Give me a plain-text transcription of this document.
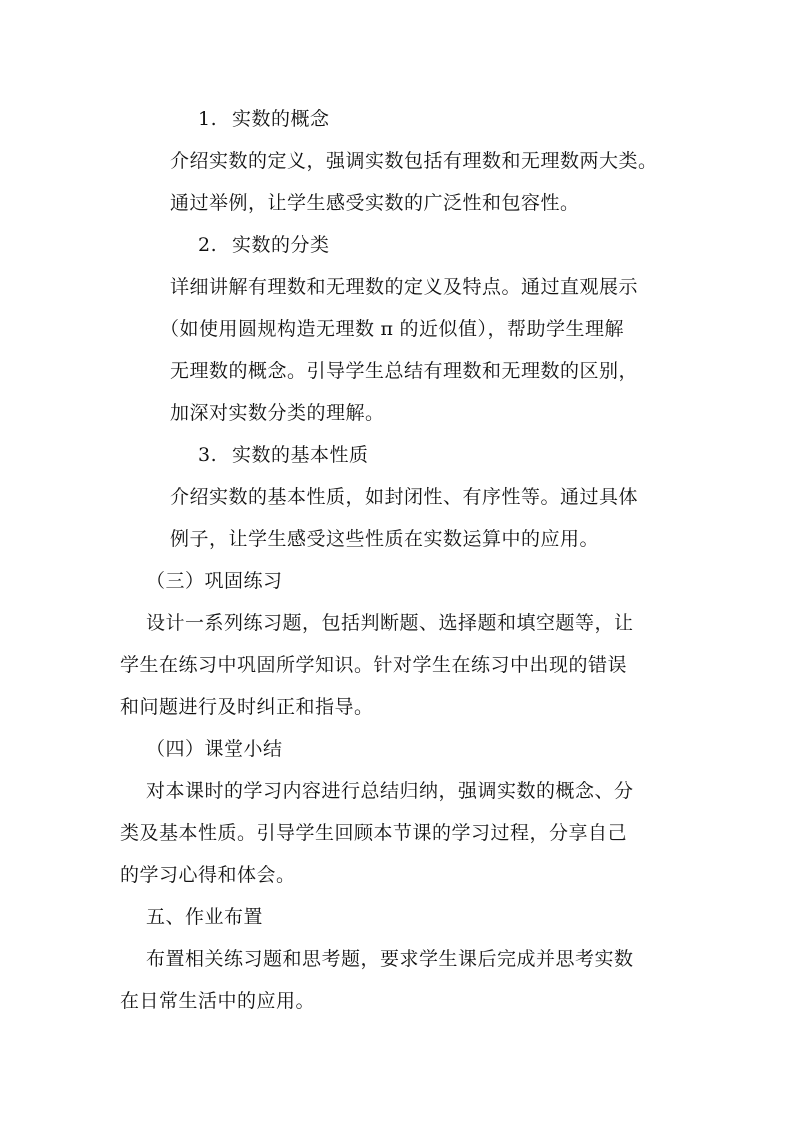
1. 实数的概念
介绍实数的定义，强调实数包括有理数和无理数两大类。
通过举例，让学生感受实数的广泛性和包容性。
2. 实数的分类
详细讲解有理数和无理数的定义及特点。通过直观展示
（如使用圆规构造无理数 π 的近似值），帮助学生理解
无理数的概念。引导学生总结有理数和无理数的区别，
加深对实数分类的理解。
3. 实数的基本性质
介绍实数的基本性质，如封闭性、有序性等。通过具体
例子，让学生感受这些性质在实数运算中的应用。
（三）巩固练习
设计一系列练习题，包括判断题、选择题和填空题等，让
学生在练习中巩固所学知识。针对学生在练习中出现的错误
和问题进行及时纠正和指导。
（四）课堂小结
对本课时的学习内容进行总结归纳，强调实数的概念、分
类及基本性质。引导学生回顾本节课的学习过程，分享自己
的学习心得和体会。
五、作业布置
布置相关练习题和思考题，要求学生课后完成并思考实数
在日常生活中的应用。
